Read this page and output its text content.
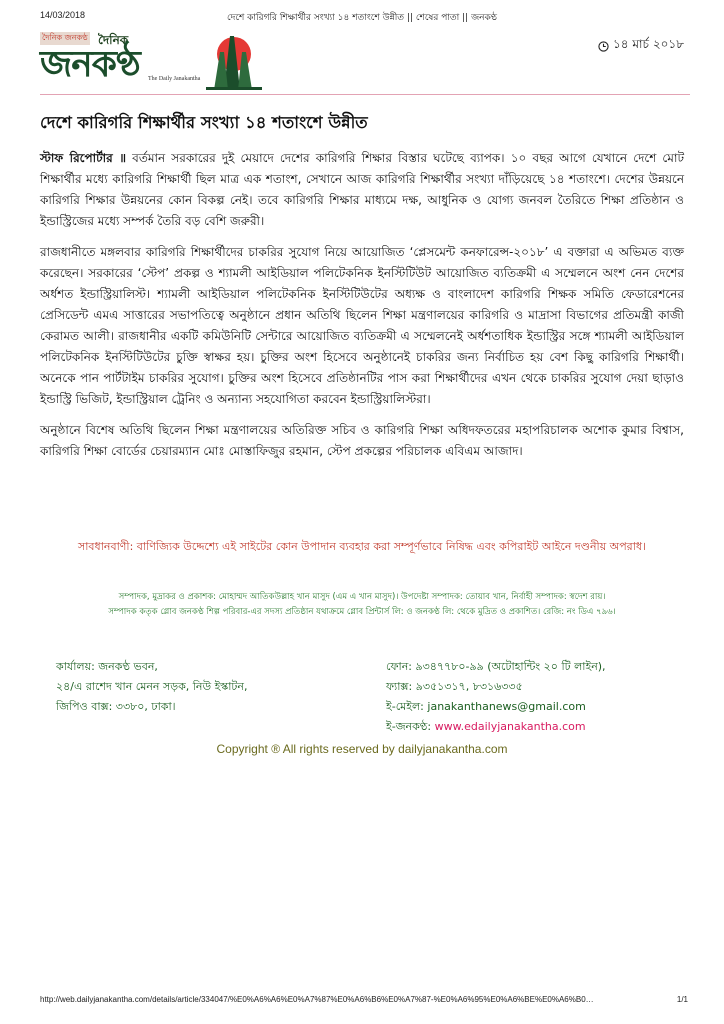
14/03/2018	দেশে কারিগরি শিক্ষার্থীর সংখ্যা ১৪ শতাংশে উন্নীত || শেষের পাতা || জনকণ্ঠ
দৈনিক জনকণ্ঠ দৈনিক
জনকণ্ঠ The Daily Janakantha
১৪ মার্চ ২০১৮
দেশে কারিগরি শিক্ষার্থীর সংখ্যা ১৪ শতাংশে উন্নীত

স্টাফ রিপোর্টার ॥ বর্তমান সরকারের দুই মেয়াদে দেশের কারিগরি শিক্ষার বিস্তার ঘটেছে ব্যাপক। ১০ বছর আগে যেখানে দেশে মোট শিক্ষার্থীর মধ্যে কারিগরি শিক্ষার্থী ছিল মাত্র এক শতাংশ, সেখানে আজ কারিগরি শিক্ষার্থীর সংখ্যা দাঁড়িয়েছে ১৪ শতাংশে। দেশের উন্নয়নে কারিগরি শিক্ষার উন্নয়নের কোন বিকল্প নেই। তবে কারিগরি শিক্ষার মাধ্যমে দক্ষ, আধুনিক ও যোগ্য জনবল তৈরিতে শিক্ষা প্রতিষ্ঠান ও ইন্ডাস্ট্রিজের মধ্যে সম্পর্ক তৈরি বড় বেশি জরুরী।

রাজধানীতে মঙ্গলবার কারিগরি শিক্ষার্থীদের চাকরির সুযোগ নিয়ে আয়োজিত ‘প্লেসমেন্ট কনফারেন্স-২০১৮’ এ বক্তারা এ অভিমত ব্যক্ত করেছেন। সরকারের ‘স্টেপ’ প্রকল্প ও শ্যামলী আইডিয়াল পলিটেকনিক ইনস্টিটিউট আয়োজিত ব্যতিক্রমী এ সম্মেলনে অংশ নেন দেশের অর্ধশত ইন্ডাস্ট্রিয়ালিস্ট। শ্যামলী আইডিয়াল পলিটেকনিক ইনস্টিটিউটের অধ্যক্ষ ও বাংলাদেশ কারিগরি শিক্ষক সমিতি ফেডারেশনের প্রেসিডেন্ট এমএ সাত্তারের সভাপতিত্বে অনুষ্ঠানে প্রধান অতিথি ছিলেন শিক্ষা মন্ত্রণালয়ের কারিগরি ও মাদ্রাসা বিভাগের প্রতিমন্ত্রী কাজী কেরামত আলী। রাজধানীর একটি কমিউনিটি সেন্টারে আয়োজিত ব্যতিক্রমী এ সম্মেলনেই অর্ধশতাধিক ইন্ডাস্ট্রির সঙ্গে শ্যামলী আইডিয়াল পলিটেকনিক ইনস্টিটিউটের চুক্তি স্বাক্ষর হয়। চুক্তির অংশ হিসেবে অনুষ্ঠানেই চাকরির জন্য নির্বাচিত হয় বেশ কিছু কারিগরি শিক্ষার্থী। অনেকে পান পার্টটাইম চাকরির সুযোগ। চুক্তির অংশ হিসেবে প্রতিষ্ঠানটির পাস করা শিক্ষার্থীদের এখন থেকে চাকরির সুযোগ দেয়া ছাড়াও ইন্ডাস্ট্রি ভিজিট, ইন্ডাস্ট্রিয়াল ট্রেনিং ও অন্যান্য সহযোগিতা করবেন ইন্ডাস্ট্রিয়ালিস্টরা।

অনুষ্ঠানে বিশেষ অতিথি ছিলেন শিক্ষা মন্ত্রণালয়ের অতিরিক্ত সচিব ও কারিগরি শিক্ষা অধিদফতরের মহাপরিচালক অশোক কুমার বিশ্বাস, কারিগরি শিক্ষা বোর্ডের চেয়ারম্যান মোঃ মোস্তাফিজুর রহমান, স্টেপ প্রকল্পের পরিচালক এবিএম আজাদ।

সাবধানবাণী: বাণিজ্যিক উদ্দেশ্যে এই সাইটের কোন উপাদান ব্যবহার করা সম্পূর্ণভাবে নিষিদ্ধ এবং কপিরাইট আইনে দণ্ডনীয় অপরাধ।
সম্পাদক, মুদ্রাকর ও প্রকাশক: মোহাম্মদ আতিকউল্লাহ খান মাসুদ (এম এ খান মাসুদ)। উপদেষ্টা সম্পাদক: তোয়াব খান, নির্বাহী সম্পাদক: স্বদেশ রায়।
সম্পাদক কতৃক গ্লোব জনকণ্ঠ শিল্প পরিবার-এর সদস্য প্রতিষ্ঠান যথাক্রমে গ্লোব প্রিন্টার্স লি: ও জনকণ্ঠ লি: থেকে মুদ্রিত ও প্রকাশিত। রেজি: নং ডিএ ৭৯৬।
কার্যালয়: জনকণ্ঠ ভবন,
২৪/এ রাশেদ খান মেনন সড়ক, নিউ ইস্কাটন,
জিপিও বাক্স: ৩৩৮০, ঢাকা।
ফোন: ৯৩৪৭৭৮০-৯৯ (অটোহান্টিং ২০ টি লাইন),
ফ্যাক্স: ৯৩৫১৩১৭, ৮৩১৬৩৩৫
ই-মেইল: janakanthanews@gmail.com
ই-জনকণ্ঠ: www.edailyjanakantha.com
Copyright ® All rights reserved by dailyjanakantha.com
http://web.dailyjanakantha.com/details/article/334047/%E0%A6%A6%E0%A7%87%E0%A6%B6%E0%A7%87-%E0%A6%95%E0%A6%BE%E0%A6%B0…	1/1
